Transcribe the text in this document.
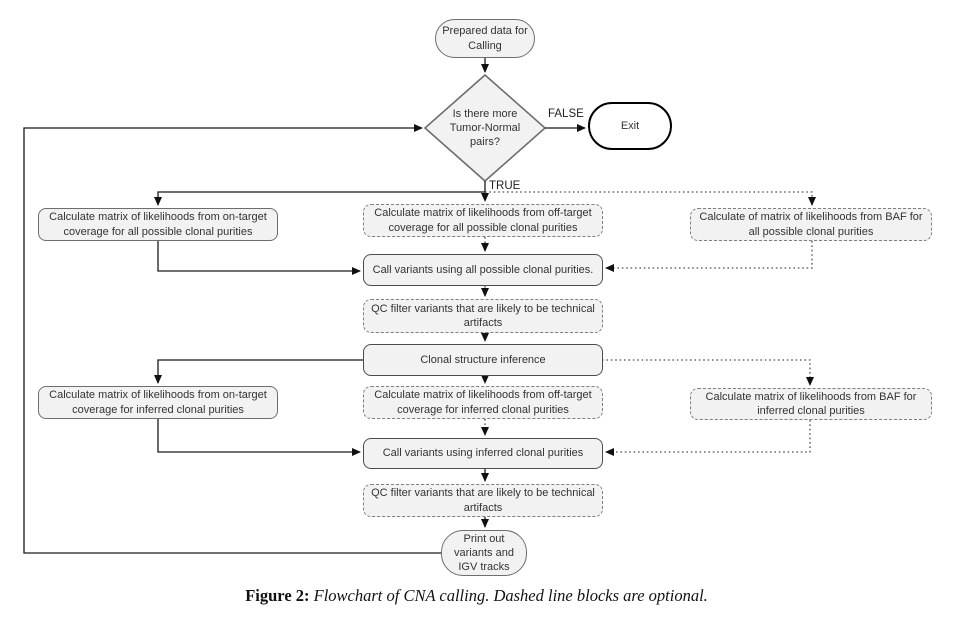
Prepared data for Calling
Is there more Tumor-Normal pairs?
Exit
FALSE
TRUE
Calculate matrix of likelihoods from on-target coverage for all possible clonal purities
Calculate matrix of likelihoods from off-target coverage for all possible clonal purities
Calculate of matrix of likelihoods from BAF for all possible clonal purities
Call variants using all possible clonal purities.
QC filter variants that are likely to be technical artifacts
Clonal structure inference
Calculate matrix of likelihoods from on-target coverage for inferred clonal purities
Calculate matrix of likelihoods from off-target coverage for inferred clonal purities
Calculate matrix of likelihoods from BAF for inferred clonal purities
Call variants using inferred clonal purities
QC filter variants that are likely to be technical artifacts
Print out variants and IGV tracks
Figure 2: Flowchart of CNA calling. Dashed line blocks are optional.
